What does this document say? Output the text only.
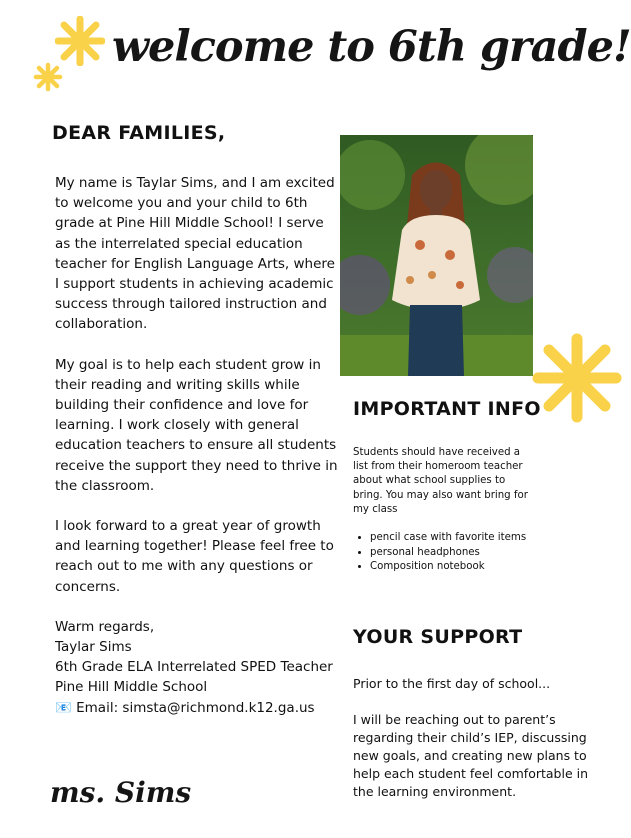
welcome to 6th grade!
DEAR FAMILIES,

My name is Taylar Sims, and I am excited to welcome you and your child to 6th grade at Pine Hill Middle School! I serve as the interrelated special education teacher for English Language Arts, where I support students in achieving academic success through tailored instruction and collaboration.

My goal is to help each student grow in their reading and writing skills while building their confidence and love for learning. I work closely with general education teachers to ensure all students receive the support they need to thrive in the classroom.

I look forward to a great year of growth and learning together! Please feel free to reach out to me with any questions or concerns.

Warm regards,
Taylar Sims
6th Grade ELA Interrelated SPED Teacher
Pine Hill Middle School
📧 Email: simsta@richmond.k12.ga.us
ms. Sims
IMPORTANT INFO
Students should have received a list from their homeroom teacher about what school supplies to bring. You may also want bring for my class
• pencil case with favorite items
• personal headphones
• Composition notebook
YOUR SUPPORT
Prior to the first day of school...
I will be reaching out to parent’s regarding their child’s IEP, discussing new goals, and creating new plans to help each student feel comfortable in the learning environment.
